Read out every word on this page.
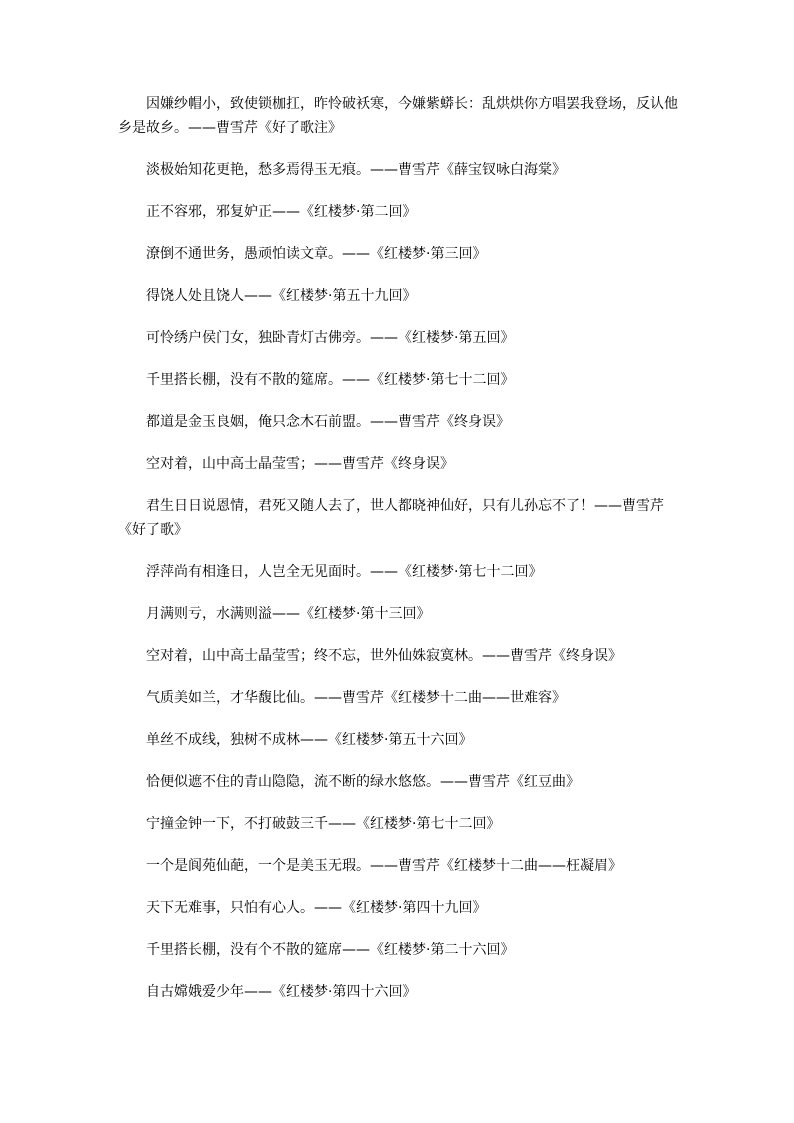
因嫌纱帽小，致使锁枷扛，昨怜破袄寒，今嫌紫蟒长：乱烘烘你方唱罢我登场，反认他乡是故乡。——曹雪芹《好了歌注》

淡极始知花更艳，愁多焉得玉无痕。——曹雪芹《薛宝钗咏白海棠》

正不容邪，邪复妒正——《红楼梦·第二回》

潦倒不通世务，愚顽怕读文章。——《红楼梦·第三回》

得饶人处且饶人——《红楼梦·第五十九回》

可怜绣户侯门女，独卧青灯古佛旁。——《红楼梦·第五回》

千里搭长棚，没有不散的筵席。——《红楼梦·第七十二回》

都道是金玉良姻，俺只念木石前盟。——曹雪芹《终身误》

空对着，山中高士晶莹雪；——曹雪芹《终身误》

君生日日说恩情，君死又随人去了，世人都晓神仙好，只有儿孙忘不了！——曹雪芹《好了歌》

浮萍尚有相逢日，人岂全无见面时。——《红楼梦·第七十二回》

月满则亏，水满则溢——《红楼梦·第十三回》

空对着，山中高士晶莹雪；终不忘，世外仙姝寂寞林。——曹雪芹《终身误》

气质美如兰，才华馥比仙。——曹雪芹《红楼梦十二曲——世难容》

单丝不成线，独树不成林——《红楼梦·第五十六回》

恰便似遮不住的青山隐隐，流不断的绿水悠悠。——曹雪芹《红豆曲》

宁撞金钟一下，不打破鼓三千——《红楼梦·第七十二回》

一个是阆苑仙葩，一个是美玉无瑕。——曹雪芹《红楼梦十二曲——枉凝眉》

天下无难事，只怕有心人。——《红楼梦·第四十九回》

千里搭长棚，没有个不散的筵席——《红楼梦·第二十六回》

自古嫦娥爱少年——《红楼梦·第四十六回》
